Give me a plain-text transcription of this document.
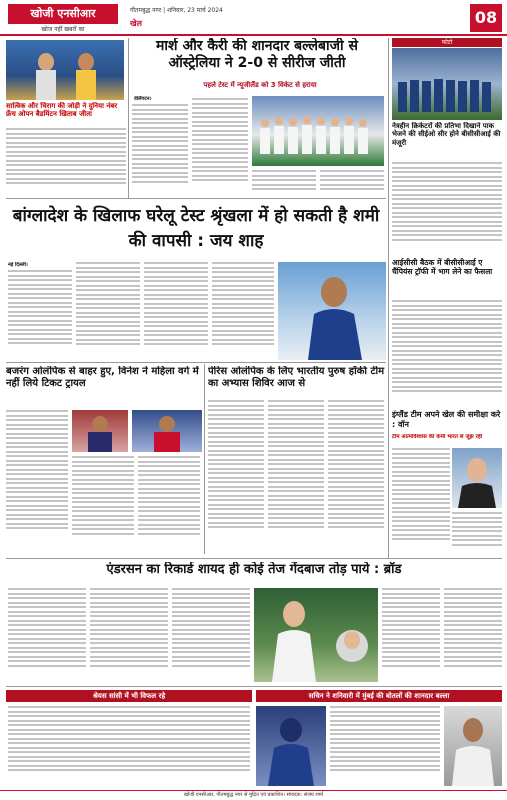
खोजी एनसीआर
खोज नहीं खबरों का
गौतमबुद्ध नगर | शनिवार, 23 मार्च 2024
खेल	08
सात्विक और चिराग की जोड़ी ने दुनिया नंबर फ्रेंच ओपन बैडमिंटन खिताब जीता
मार्श और कैरी की शानदार बल्लेबाजी से ऑस्ट्रेलिया ने 2-0 से सीरीज जीती
पहले टेस्ट में न्यूजीलैंड को 3 विकेट से हराया
वेलिंगटन।
फोटो
नेत्रहीन क्रिकेटरों की प्रतिभा दिखाने पाक भेजने की सीईओ सीर होने बीसीसीआई की मंजूरी
बांग्लादेश के खिलाफ घरेलू टेस्ट श्रृंखला में हो सकती है शमी की वापसी : जय शाह
नई दिल्ली।
बजरंग ओलंपिक से बाहर हुए, विनेश ने महिला वर्ग में नहीं लिये टिकट ट्रायल
पेरिस ओलंपिक के लिए भारतीय पुरुष हॉकी टीम का अभ्यास शिविर आज से
आईसीसी बैठक में बीसीसीआई ए चैंपियंस ट्रॉफी में भाग लेने का फैसला
इंग्लैंड टीम अपने खेल की समीक्षा करे : वॉन
टीम आत्मविश्वास की कमी भारत से जूझ रही
एंडरसन का रिकार्ड शायद ही कोई तेज गेंदबाज तोड़ पाये : ब्रॉड
श्रेयस सांसी में भी विफल रहे	सचिन ने शनिवारी में मुंबई की बोतलों की शानदार बल्ला
खोजी एनसीआर, गौतमबुद्ध नगर से मुद्रित एवं प्रकाशित। संपादक: संजय शर्मा
